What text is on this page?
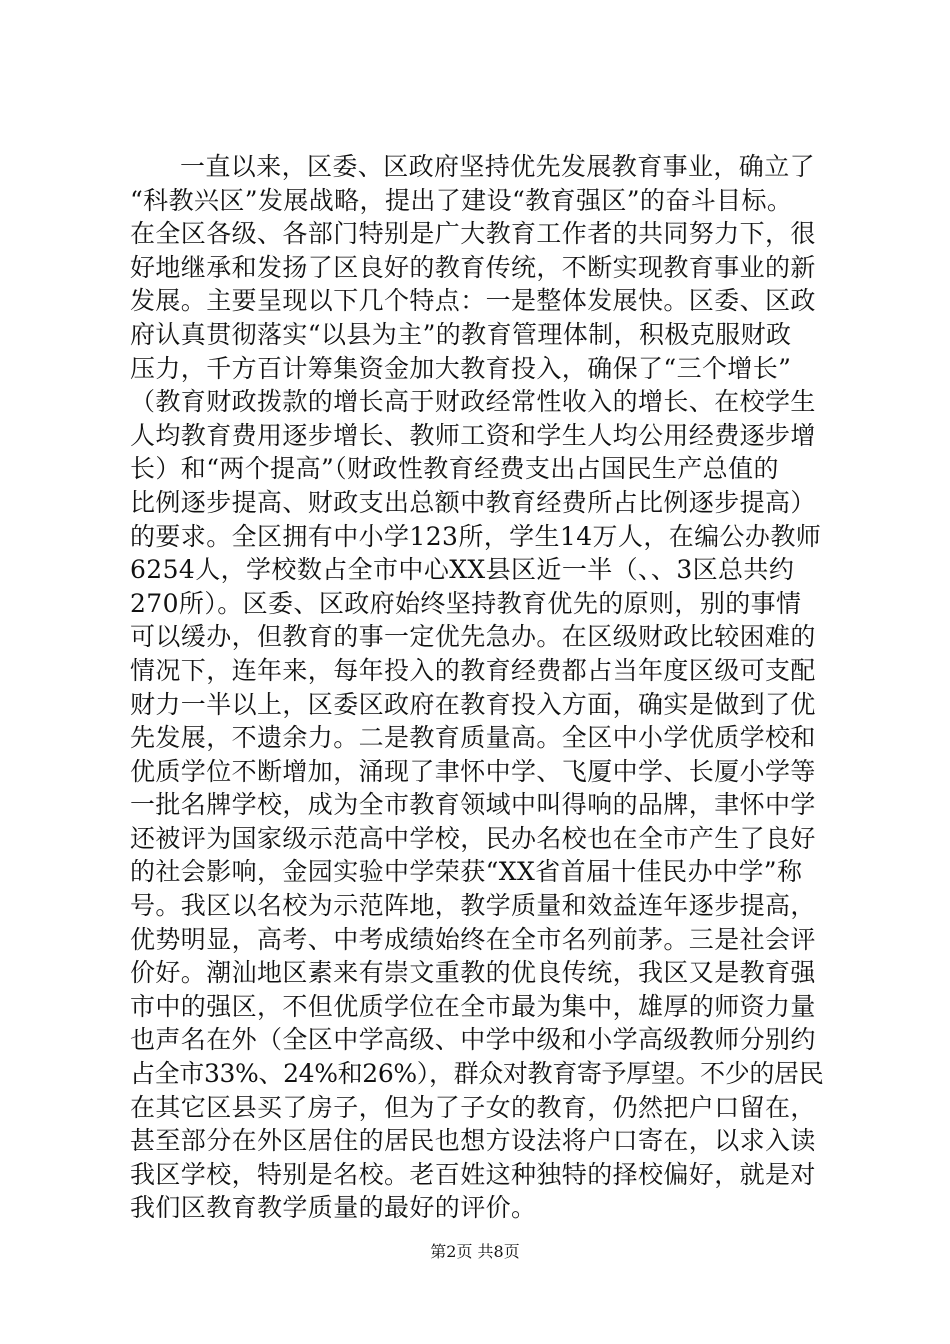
一直以来，区委、区政府坚持优先发展教育事业，确立了
“科教兴区”发展战略，提出了建设“教育强区”的奋斗目标。
在全区各级、各部门特别是广大教育工作者的共同努力下，很
好地继承和发扬了区良好的教育传统，不断实现教育事业的新
发展。主要呈现以下几个特点：一是整体发展快。区委、区政
府认真贯彻落实“以县为主”的教育管理体制，积极克服财政
压力，千方百计筹集资金加大教育投入，确保了“三个增长”
（教育财政拨款的增长高于财政经常性收入的增长、在校学生
人均教育费用逐步增长、教师工资和学生人均公用经费逐步增
长）和“两个提高”（财政性教育经费支出占国民生产总值的
比例逐步提高、财政支出总额中教育经费所占比例逐步提高）
的要求。全区拥有中小学123所，学生14万人，在编公办教师
6254人，学校数占全市中心XX县区近一半（、、3区总共约
270所）。区委、区政府始终坚持教育优先的原则，别的事情
可以缓办，但教育的事一定优先急办。在区级财政比较困难的
情况下，连年来，每年投入的教育经费都占当年度区级可支配
财力一半以上，区委区政府在教育投入方面，确实是做到了优
先发展，不遗余力。二是教育质量高。全区中小学优质学校和
优质学位不断增加，涌现了聿怀中学、飞厦中学、长厦小学等
一批名牌学校，成为全市教育领域中叫得响的品牌，聿怀中学
还被评为国家级示范高中学校，民办名校也在全市产生了良好
的社会影响，金园实验中学荣获“XX省首届十佳民办中学”称
号。我区以名校为示范阵地，教学质量和效益连年逐步提高，
优势明显，高考、中考成绩始终在全市名列前茅。三是社会评
价好。潮汕地区素来有崇文重教的优良传统，我区又是教育强
市中的强区，不但优质学位在全市最为集中，雄厚的师资力量
也声名在外（全区中学高级、中学中级和小学高级教师分别约
占全市33%、24%和26%），群众对教育寄予厚望。不少的居民
在其它区县买了房子，但为了子女的教育，仍然把户口留在，
甚至部分在外区居住的居民也想方设法将户口寄在，以求入读
我区学校，特别是名校。老百姓这种独特的择校偏好，就是对
我们区教育教学质量的最好的评价。
第2页 共8页
